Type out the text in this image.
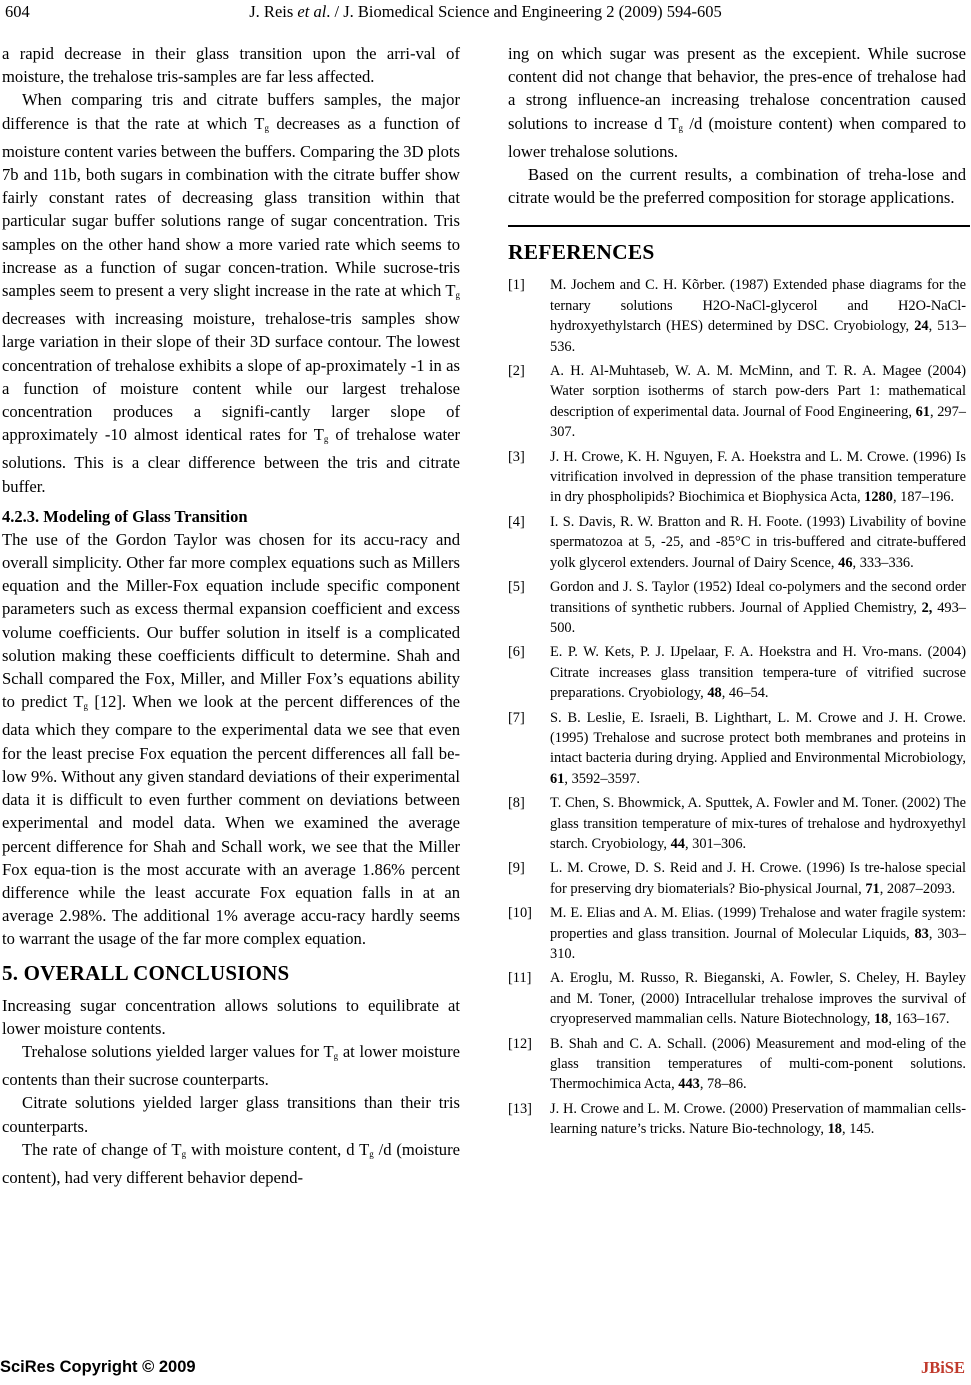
604	J. Reis et al. / J. Biomedical Science and Engineering 2 (2009) 594-605

a rapid decrease in their glass transition upon the arri-val of moisture, the trehalose tris-samples are far less affected.

When comparing tris and citrate buffers samples, the major difference is that the rate at which $T_g$ decreases as a function of moisture content varies between the buffers. Comparing the 3D plots 7b and 11b, both sugars in combination with the citrate buffer show fairly constant rates of decreasing glass transition within that particular sugar buffer solutions range of sugar concentration. Tris samples on the other hand show a more varied rate which seems to increase as a function of sugar concen-tration. While sucrose-tris samples seem to present a very slight increase in the rate at which $T_g$ decreases with increasing moisture, trehalose-tris samples show large variation in their slope of their 3D surface contour. The lowest concentration of trehalose exhibits a slope of ap-proximately -1 in as a function of moisture content while our largest trehalose concentration produces a signifi-cantly larger slope of approximately -10 almost identical rates for $T_g$ of trehalose water solutions. This is a clear difference between the tris and citrate buffer.

4.2.3. Modeling of Glass Transition

The use of the Gordon Taylor was chosen for its accu-racy and overall simplicity. Other far more complex equations such as Millers equation and the Miller-Fox equation include specific component parameters such as excess thermal expansion coefficient and excess volume coefficients. Our buffer solution in itself is a complicated solution making these coefficients difficult to determine. Shah and Schall compared the Fox, Miller, and Miller Fox’s equations ability to predict $T_g$ [12]. When we look at the percent differences of the data which they compare to the experimental data we see that even for the least precise Fox equation the percent differences all fall be-low 9%. Without any given standard deviations of their experimental data it is difficult to even further comment on deviations between experimental and model data. When we examined the average percent difference for Shah and Schall work, we see that the Miller Fox equa-tion is the most accurate with an average 1.86% percent difference while the least accurate Fox equation falls in at an average 2.98%. The additional 1% average accu-racy hardly seems to warrant the usage of the far more complex equation.

5. OVERALL CONCLUSIONS

Increasing sugar concentration allows solutions to equilibrate at lower moisture contents.

Trehalose solutions yielded larger values for $T_g$ at lower moisture contents than their sucrose counterparts.

Citrate solutions yielded larger glass transitions than their tris counterparts.

The rate of change of $T_g$ with moisture content, d $T_g$ /d (moisture content), had very different behavior depend-

ing on which sugar was present as the excepient. While sucrose content did not change that behavior, the pres-ence of trehalose had a strong influence-an increasing trehalose concentration caused solutions to increase d $T_g$ /d (moisture content) when compared to lower trehalose solutions.

Based on the current results, a combination of treha-lose and citrate would be the preferred composition for storage applications.

REFERENCES
[1] M. Jochem and C. H. Kõrber. (1987) Extended phase diagrams for the ternary solutions H2O-NaCl-glycerol and H2O-NaCl-hydroxyethylstarch (HES) determined by DSC. Cryobiology, 24, 513–536.
[2] A. H. Al-Muhtaseb, W. A. M. McMinn, and T. R. A. Magee (2004) Water sorption isotherms of starch pow-ders Part 1: mathematical description of experimental data. Journal of Food Engineering, 61, 297–307.
[3] J. H. Crowe, K. H. Nguyen, F. A. Hoekstra and L. M. Crowe. (1996) Is vitrification involved in depression of the phase transition temperature in dry phospholipids? Biochimica et Biophysica Acta, 1280, 187–196.
[4] I. S. Davis, R. W. Bratton and R. H. Foote. (1993) Livability of bovine spermatozoa at 5, -25, and -85°C in tris-buffered and citrate-buffered yolk glycerol extenders. Journal of Dairy Scence, 46, 333–336.
[5] Gordon and J. S. Taylor (1952) Ideal co-polymers and the second order transitions of synthetic rubbers. Journal of Applied Chemistry, 2, 493–500.
[6] E. P. W. Kets, P. J. IJpelaar, F. A. Hoekstra and H. Vro-mans. (2004) Citrate increases glass transition tempera-ture of vitrified sucrose preparations. Cryobiology, 48, 46–54.
[7] S. B. Leslie, E. Israeli, B. Lighthart, L. M. Crowe and J. H. Crowe. (1995) Trehalose and sucrose protect both membranes and proteins in intact bacteria during drying. Applied and Environmental Microbiology, 61, 3592–3597.
[8] T. Chen, S. Bhowmick, A. Sputtek, A. Fowler and M. Toner. (2002) The glass transition temperature of mix-tures of trehalose and hydroxyethyl starch. Cryobiology, 44, 301–306.
[9] L. M. Crowe, D. S. Reid and J. H. Crowe. (1996) Is tre-halose special for preserving dry biomaterials? Bio-physical Journal, 71, 2087–2093.
[10] M. E. Elias and A. M. Elias. (1999) Trehalose and water fragile system: properties and glass transition. Journal of Molecular Liquids, 83, 303–310.
[11] A. Eroglu, M. Russo, R. Bieganski, A. Fowler, S. Cheley, H. Bayley and M. Toner, (2000) Intracellular trehalose improves the survival of cryopreserved mammalian cells. Nature Biotechnology, 18, 163–167.
[12] B. Shah and C. A. Schall. (2006) Measurement and mod-eling of the glass transition temperatures of multi-com-ponent solutions. Thermochimica Acta, 443, 78–86.
[13] J. H. Crowe and L. M. Crowe. (2000) Preservation of mammalian cells-learning nature’s tricks. Nature Bio-technology, 18, 145.
SciRes Copyright © 2009	JBiSE
